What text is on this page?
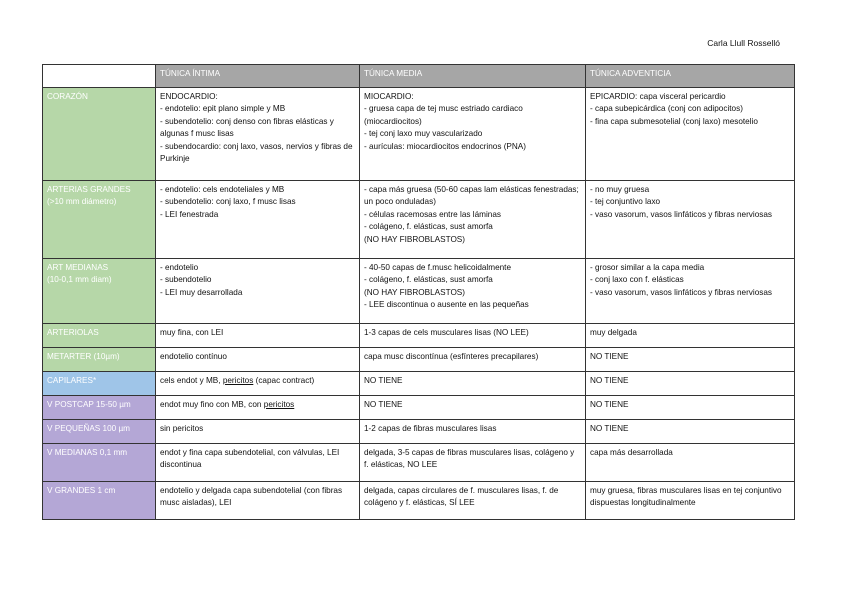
Carla Llull Rosselló
	TÚNICA ÍNTIMA	TÚNICA MEDIA	TÚNICA ADVENTICIA
CORAZÓN	ENDOCARDIO:
- endotelio: epit plano simple y MB
- subendotelio: conj denso con fibras elásticas y algunas f musc lisas
- subendocardio: conj laxo, vasos, nervios y fibras de Purkinje	MIOCARDIO:
- gruesa capa de tej musc estriado cardiaco (miocardiocitos)
- tej conj laxo muy vascularizado
- aurículas: miocardiocitos endocrinos (PNA)	EPICARDIO: capa visceral pericardio
- capa subepicárdica (conj con adipocitos)
- fina capa submesotelial (conj laxo) mesotelio

ARTERIAS GRANDES
(>10 mm diámetro)	- endotelio: cels endoteliales y MB
- subendotelio: conj laxo, f musc lisas
- LEI fenestrada	- capa más gruesa (50-60 capas lam elásticas fenestradas; un poco onduladas)
- células racemosas entre las láminas
- colágeno, f. elásticas, sust amorfa
(NO HAY FIBROBLASTOS)	- no muy gruesa
- tej conjuntivo laxo
- vaso vasorum, vasos linfáticos y fibras nerviosas

ART MEDIANAS
(10-0,1 mm diam)	- endotelio
- subendotelio
- LEI muy desarrollada	- 40-50 capas de f.musc helicoidalmente
- colágeno, f. elásticas, sust amorfa
(NO HAY FIBROBLASTOS)
- LEE discontinua o ausente en las pequeñas	- grosor similar a la capa media
- conj laxo con f. elásticas
- vaso vasorum, vasos linfáticos y fibras nerviosas

ARTERIOLAS	muy fina, con LEI	1-3 capas de cels musculares lisas (NO LEE)	muy delgada
METARTER (10µm)	endotelio contínuo	capa musc discontínua (esfínteres precapilares)	NO TIENE
CAPILARES*	cels endot y MB, pericitos (capac contract)	NO TIENE	NO TIENE
V POSTCAP 15-50 µm	endot muy fino con MB, con pericitos	NO TIENE	NO TIENE
V PEQUEÑAS 100 µm	sin pericitos	1-2 capas de fibras musculares lisas	NO TIENE
V MEDIANAS 0,1 mm	endot y fina capa subendotelial, con válvulas, LEI discontinua	delgada, 3-5 capas de fibras musculares lisas, colágeno y f. elásticas, NO LEE	capa más desarrollada
V GRANDES 1 cm	endotelio y delgada capa subendotelial (con fibras musc aisladas), LEI	delgada, capas circulares de f. musculares lisas, f. de colágeno y f. elásticas, SÍ LEE	muy gruesa, fibras musculares lisas en tej conjuntivo dispuestas longitudinalmente
